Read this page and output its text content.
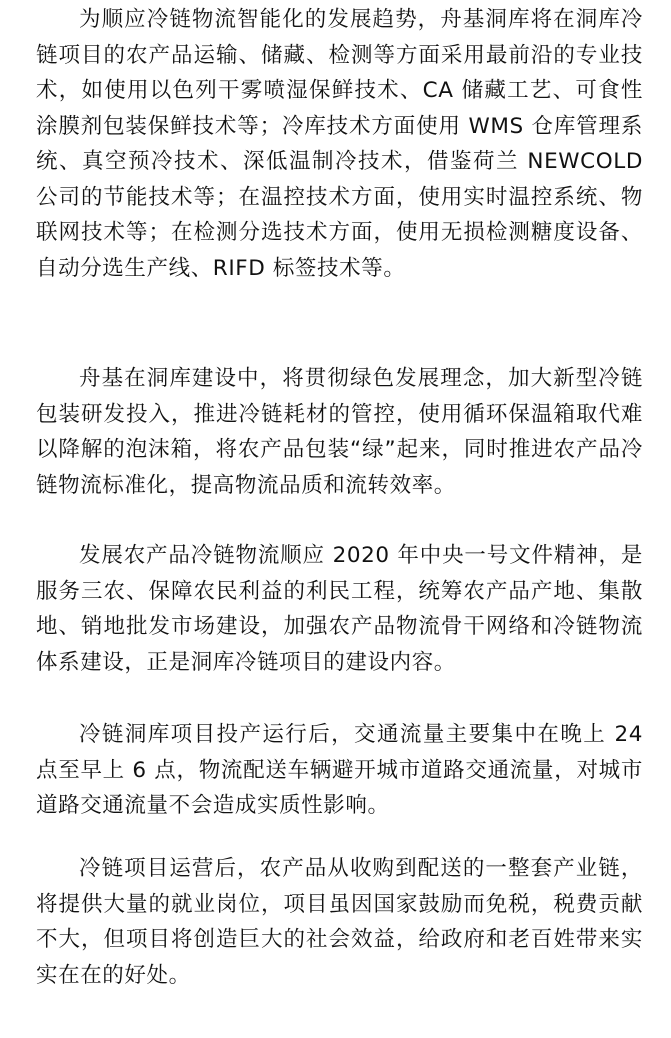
为顺应冷链物流智能化的发展趋势，舟基洞库将在洞库冷链项目的农产品运输、储藏、检测等方面采用最前沿的专业技术，如使用以色列干雾喷湿保鲜技术、CA 储藏工艺、可食性涂膜剂包装保鲜技术等；冷库技术方面使用 WMS 仓库管理系统、真空预冷技术、深低温制冷技术，借鉴荷兰 NEWCOLD 公司的节能技术等；在温控技术方面，使用实时温控系统、物联网技术等；在检测分选技术方面，使用无损检测糖度设备、自动分选生产线、RIFD 标签技术等。

舟基在洞库建设中，将贯彻绿色发展理念，加大新型冷链包装研发投入，推进冷链耗材的管控，使用循环保温箱取代难以降解的泡沫箱，将农产品包装“绿”起来，同时推进农产品冷链物流标准化，提高物流品质和流转效率。

发展农产品冷链物流顺应 2020 年中央一号文件精神，是服务三农、保障农民利益的利民工程，统筹农产品产地、集散地、销地批发市场建设，加强农产品物流骨干网络和冷链物流体系建设，正是洞库冷链项目的建设内容。

冷链洞库项目投产运行后，交通流量主要集中在晚上 24 点至早上 6 点，物流配送车辆避开城市道路交通流量，对城市道路交通流量不会造成实质性影响。

冷链项目运营后，农产品从收购到配送的一整套产业链，将提供大量的就业岗位，项目虽因国家鼓励而免税，税费贡献不大，但项目将创造巨大的社会效益，给政府和老百姓带来实实在在的好处。
